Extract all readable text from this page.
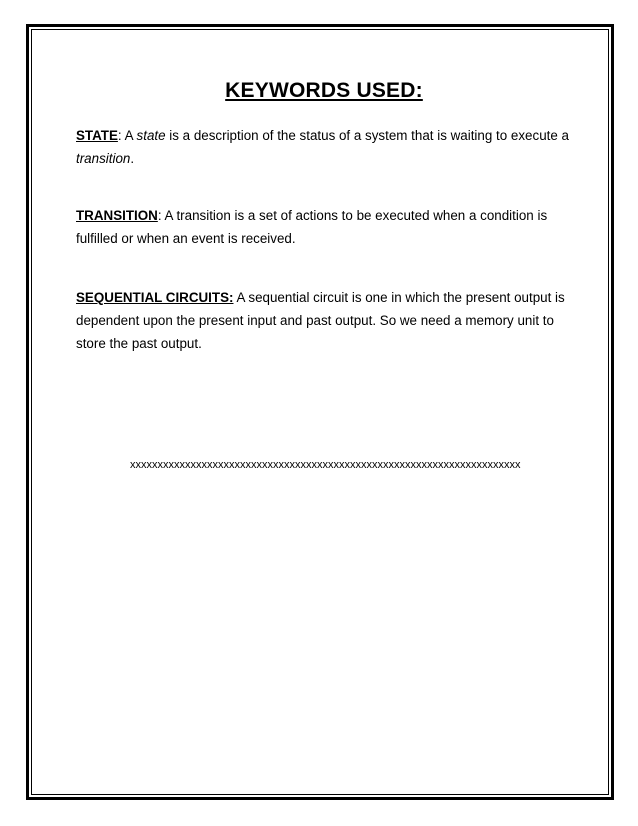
KEYWORDS USED:

STATE: A state is a description of the status of a system that is waiting to execute a transition.

TRANSITION: A transition is a set of actions to be executed when a condition is fulfilled or when an event is received.

SEQUENTIAL CIRCUITS: A sequential circuit is one in which the present output is dependent upon the present input and past output. So we need a memory unit to store the past output.

xxxxxxxxxxxxxxxxxxxxxxxxxxxxxxxxxxxxxxxxxxxxxxxxxxxxxxxxxxxxxxxxxxxxxxx
